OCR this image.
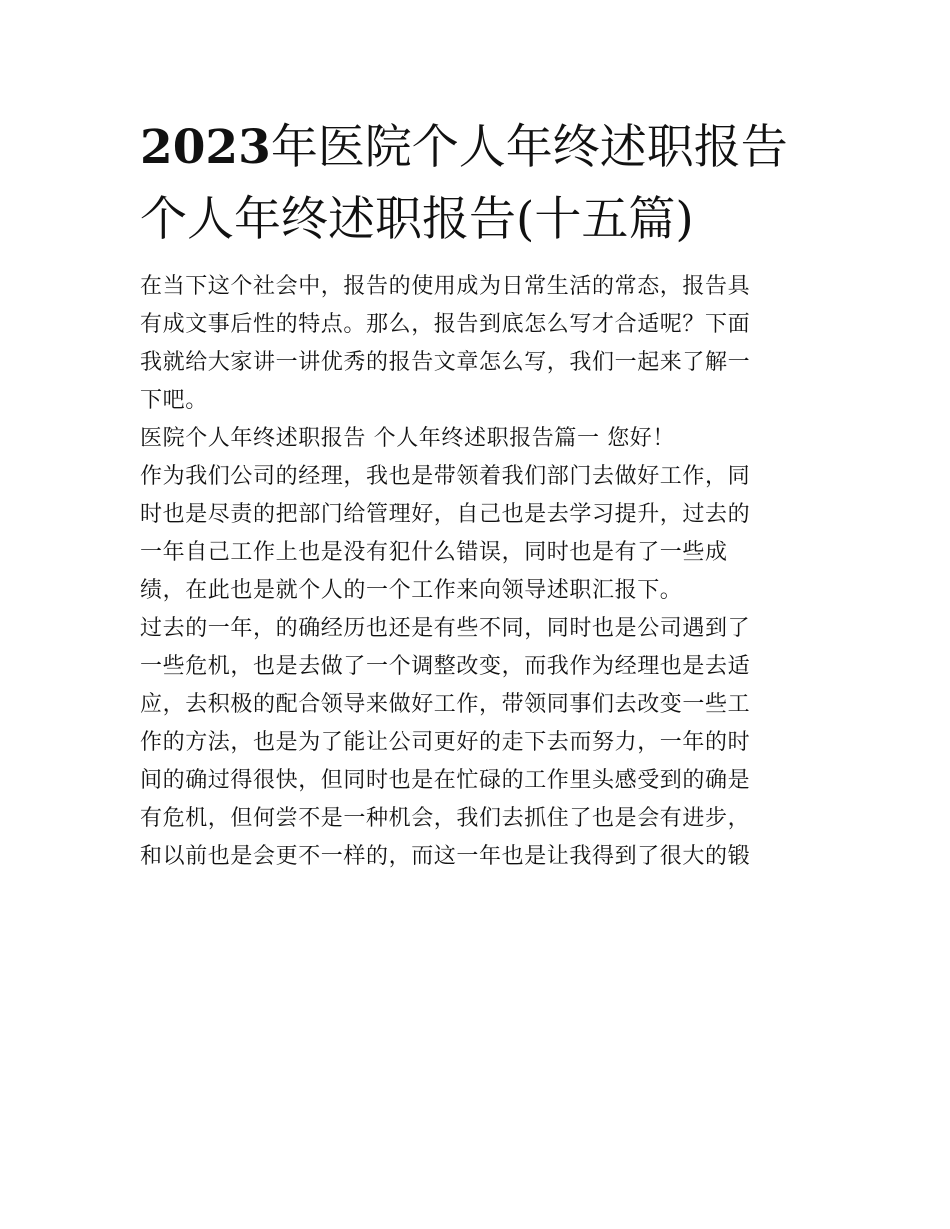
2023年医院个人年终述职报告
个人年终述职报告(十五篇)
在当下这个社会中，报告的使用成为日常生活的常态，报告具
有成文事后性的特点。那么，报告到底怎么写才合适呢？下面
我就给大家讲一讲优秀的报告文章怎么写，我们一起来了解一
下吧。
医院个人年终述职报告 个人年终述职报告篇一 您好！
作为我们公司的经理，我也是带领着我们部门去做好工作，同
时也是尽责的把部门给管理好，自己也是去学习提升，过去的
一年自己工作上也是没有犯什么错误，同时也是有了一些成
绩，在此也是就个人的一个工作来向领导述职汇报下。
过去的一年，的确经历也还是有些不同，同时也是公司遇到了
一些危机，也是去做了一个调整改变，而我作为经理也是去适
应，去积极的配合领导来做好工作，带领同事们去改变一些工
作的方法，也是为了能让公司更好的走下去而努力，一年的时
间的确过得很快，但同时也是在忙碌的工作里头感受到的确是
有危机，但何尝不是一种机会，我们去抓住了也是会有进步，
和以前也是会更不一样的，而这一年也是让我得到了很大的锻
